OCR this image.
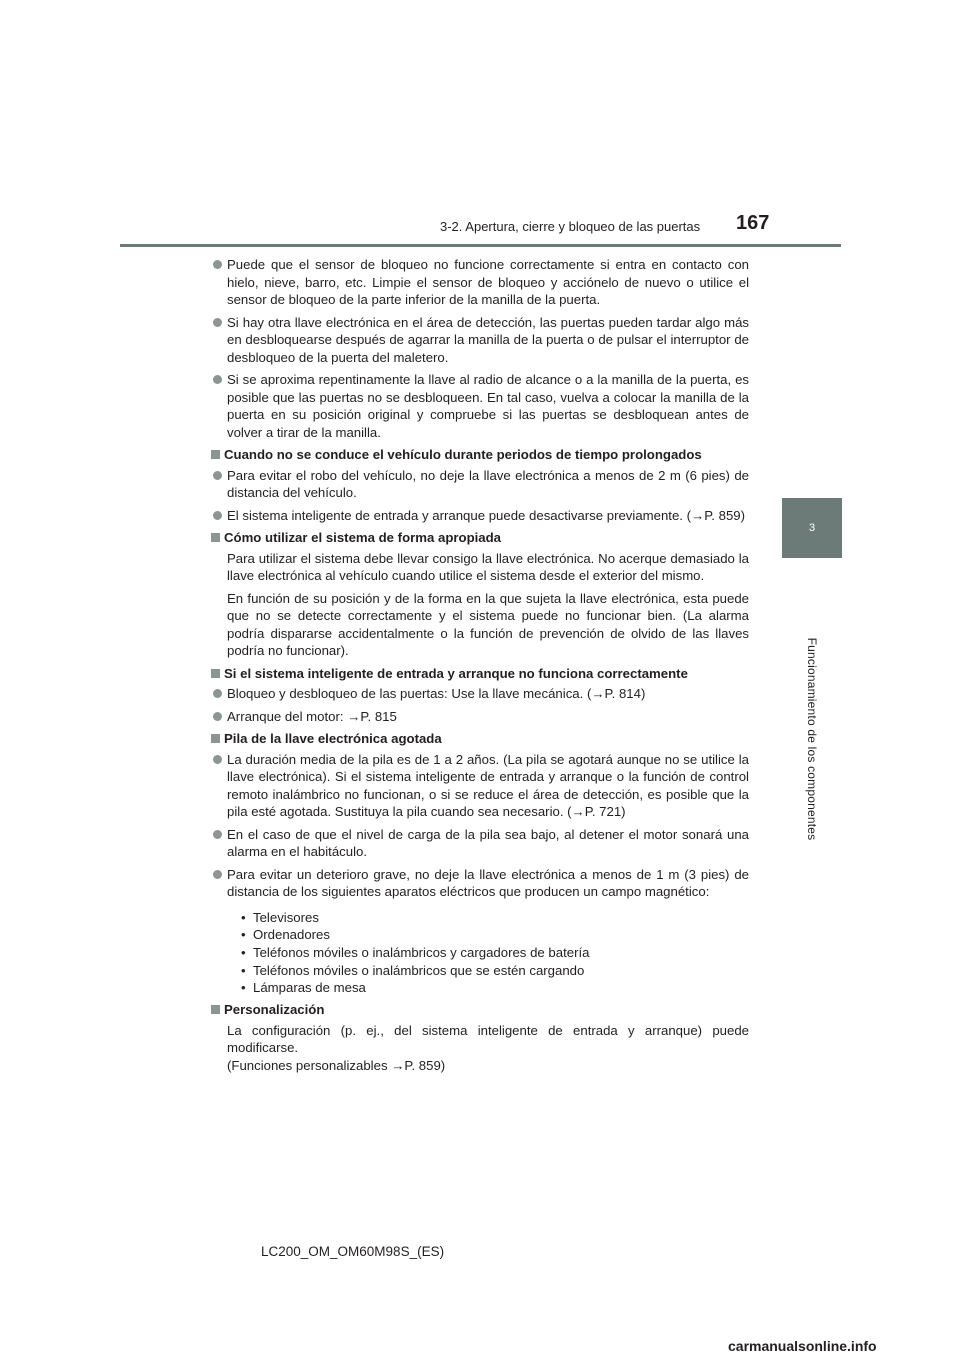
3-2. Apertura, cierre y bloqueo de las puertas 167
3
Funcionamiento de los componentes
Puede que el sensor de bloqueo no funcione correctamente si entra en contacto con hielo, nieve, barro, etc. Limpie el sensor de bloqueo y acciónelo de nuevo o utilice el sensor de bloqueo de la parte inferior de la manilla de la puerta.
Si hay otra llave electrónica en el área de detección, las puertas pueden tardar algo más en desbloquearse después de agarrar la manilla de la puerta o de pulsar el interruptor de desbloqueo de la puerta del maletero.
Si se aproxima repentinamente la llave al radio de alcance o a la manilla de la puerta, es posible que las puertas no se desbloqueen. En tal caso, vuelva a colocar la manilla de la puerta en su posición original y compruebe si las puertas se desbloquean antes de volver a tirar de la manilla.
Cuando no se conduce el vehículo durante periodos de tiempo prolongados
Para evitar el robo del vehículo, no deje la llave electrónica a menos de 2 m (6 pies) de distancia del vehículo.
El sistema inteligente de entrada y arranque puede desactivarse previamente. (→P. 859)
Cómo utilizar el sistema de forma apropiada
Para utilizar el sistema debe llevar consigo la llave electrónica. No acerque demasiado la llave electrónica al vehículo cuando utilice el sistema desde el exterior del mismo.
En función de su posición y de la forma en la que sujeta la llave electrónica, esta puede que no se detecte correctamente y el sistema puede no funcionar bien. (La alarma podría dispararse accidentalmente o la función de prevención de olvido de las llaves podría no funcionar).
Si el sistema inteligente de entrada y arranque no funciona correctamente
Bloqueo y desbloqueo de las puertas: Use la llave mecánica. (→P. 814)
Arranque del motor: →P. 815
Pila de la llave electrónica agotada
La duración media de la pila es de 1 a 2 años. (La pila se agotará aunque no se utilice la llave electrónica). Si el sistema inteligente de entrada y arranque o la función de control remoto inalámbrico no funcionan, o si se reduce el área de detección, es posible que la pila esté agotada. Sustituya la pila cuando sea necesario. (→P. 721)
En el caso de que el nivel de carga de la pila sea bajo, al detener el motor sonará una alarma en el habitáculo.
Para evitar un deterioro grave, no deje la llave electrónica a menos de 1 m (3 pies) de distancia de los siguientes aparatos eléctricos que producen un campo magnético:
• Televisores
• Ordenadores
• Teléfonos móviles o inalámbricos y cargadores de batería
• Teléfonos móviles o inalámbricos que se estén cargando
• Lámparas de mesa
Personalización
La configuración (p. ej., del sistema inteligente de entrada y arranque) puede modificarse.
(Funciones personalizables →P. 859)
LC200_OM_OM60M98S_(ES)
carmanualsonline.info
